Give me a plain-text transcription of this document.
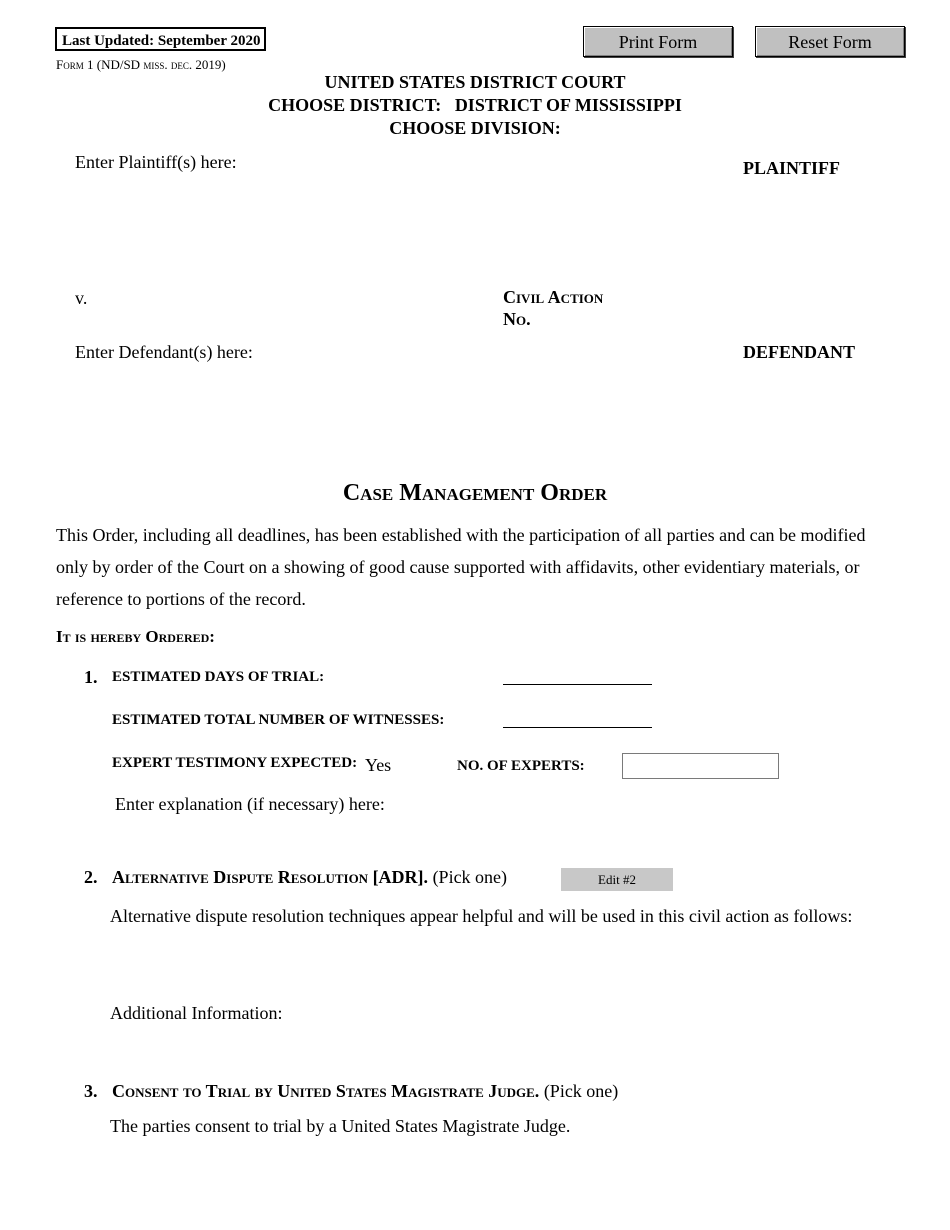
Last Updated: September 2020
Form 1 (ND/SD miss. dec. 2019)
Print Form	Reset Form
UNITED STATES DISTRICT COURT
CHOOSE DISTRICT: DISTRICT OF MISSISSIPPI
CHOOSE DIVISION:
Enter Plaintiff(s) here:	PLAINTIFF
v.	Civil Action
No.
Enter Defendant(s) here:	DEFENDANT
Case Management Order
This Order, including all deadlines, has been established with the participation of all parties and can be modified only by order of the Court on a showing of good cause supported with affidavits, other evidentiary materials, or reference to portions of the record.
It is hereby Ordered:
1. ESTIMATED DAYS OF TRIAL:
ESTIMATED TOTAL NUMBER OF WITNESSES:
EXPERT TESTIMONY EXPECTED: Yes	NO. OF EXPERTS:
Enter explanation (if necessary) here:
2. Alternative Dispute Resolution [ADR]. (Pick one)	Edit #2
Alternative dispute resolution techniques appear helpful and will be used in this civil action as follows:
Additional Information:
3. Consent to Trial by United States Magistrate Judge. (Pick one)
The parties consent to trial by a United States Magistrate Judge.
